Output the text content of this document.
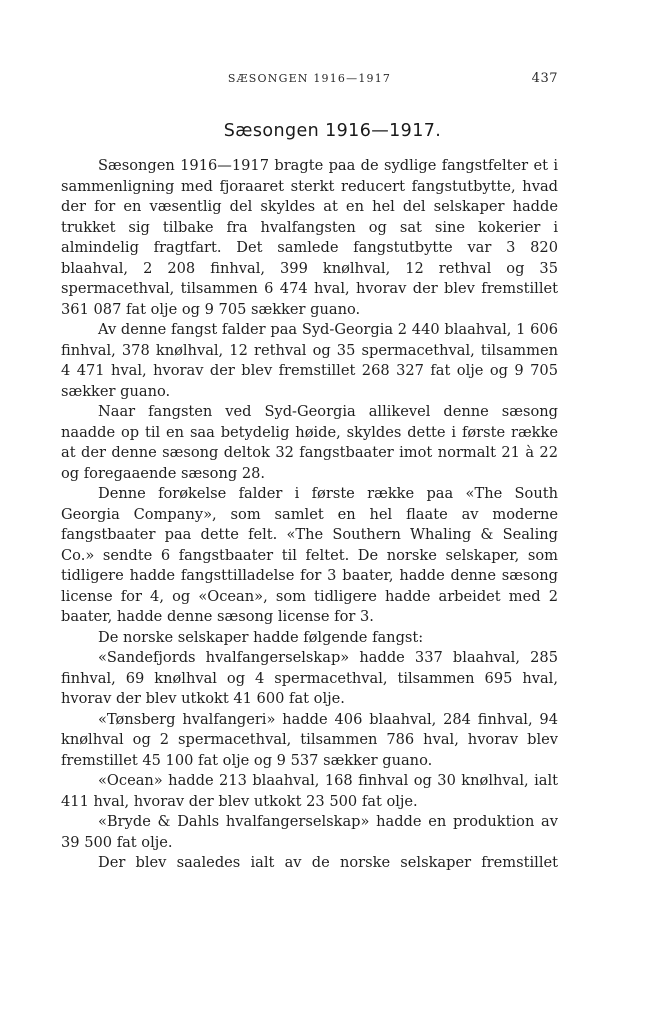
SÆSONGEN 1916—1917	437
Sæsongen 1916—1917.

Sæsongen 1916—1917 bragte paa de sydlige fangstfelter et i sammenligning med fjoraaret sterkt reducert fangstutbytte, hvad der for en væsentlig del skyldes at en hel del selskaper hadde trukket sig tilbake fra hvalfangsten og sat sine kokerier i almindelig fragtfart. Det samlede fangstutbytte var 3 820 blaahval, 2 208 finhval, 399 knølhval, 12 rethval og 35 spermacethval, tilsammen 6 474 hval, hvorav der blev fremstillet 361 087 fat olje og 9 705 sækker guano.

Av denne fangst falder paa Syd-Georgia 2 440 blaahval, 1 606 finhval, 378 knølhval, 12 rethval og 35 spermacethval, tilsammen 4 471 hval, hvorav der blev fremstillet 268 327 fat olje og 9 705 sækker guano.

Naar fangsten ved Syd-Georgia allikevel denne sæsong naadde op til en saa betydelig høide, skyldes dette i første række at der denne sæsong deltok 32 fangstbaater imot normalt 21 à 22 og foregaaende sæsong 28.

Denne forøkelse falder i første række paa «The South Georgia Company», som samlet en hel flaate av moderne fangstbaater paa dette felt. «The Southern Whaling & Sealing Co.» sendte 6 fangstbaater til feltet. De norske selskaper, som tidligere hadde fangsttilladelse for 3 baater, hadde denne sæsong license for 4, og «Ocean», som tidligere hadde arbeidet med 2 baater, hadde denne sæsong license for 3.

De norske selskaper hadde følgende fangst:

«Sandefjords hvalfangerselskap» hadde 337 blaahval, 285 finhval, 69 knølhval og 4 spermacethval, tilsammen 695 hval, hvorav der blev utkokt 41 600 fat olje.

«Tønsberg hvalfangeri» hadde 406 blaahval, 284 finhval, 94 knølhval og 2 spermacethval, tilsammen 786 hval, hvorav blev fremstillet 45 100 fat olje og 9 537 sækker guano.

«Ocean» hadde 213 blaahval, 168 finhval og 30 knølhval, ialt 411 hval, hvorav der blev utkokt 23 500 fat olje.

«Bryde & Dahls hvalfangerselskap» hadde en produktion av 39 500 fat olje.

Der blev saaledes ialt av de norske selskaper fremstillet
